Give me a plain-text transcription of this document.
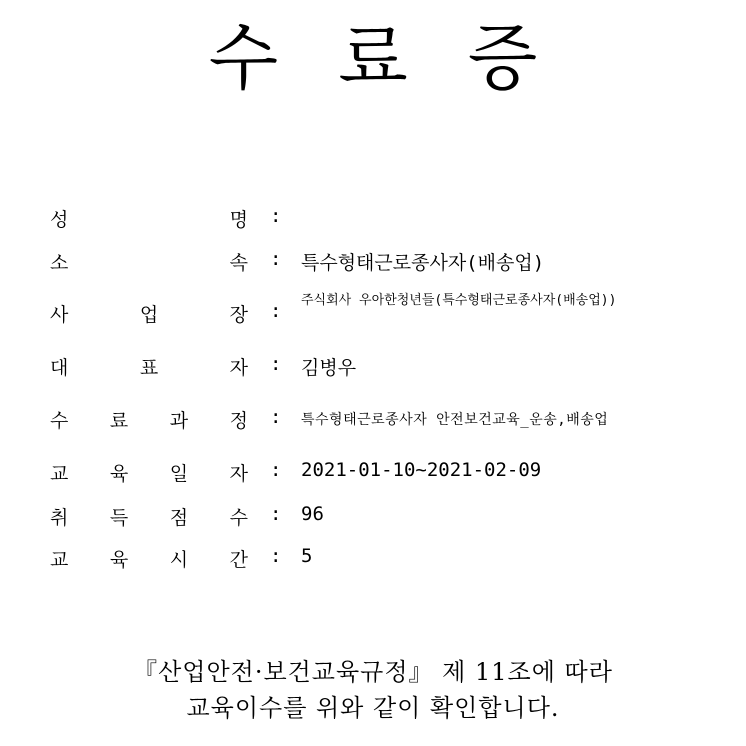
수 료 증
성	명 :
소	속 : 특수형태근로종사자(배송업)
사	업	장 : 주식회사 우아한청년들(특수형태근로종사자(배송업))
대	표	자 : 김병우
수 료 과 정 : 특수형태근로종사자 안전보건교육_운송,배송업
교 육 일 자 : 2021-01-10~2021-02-09
취 득 점 수 : 96
교 육 시 간 : 5
『산업안전·보건교육규정』 제 11조에 따라
교육이수를 위와 같이 확인합니다.
